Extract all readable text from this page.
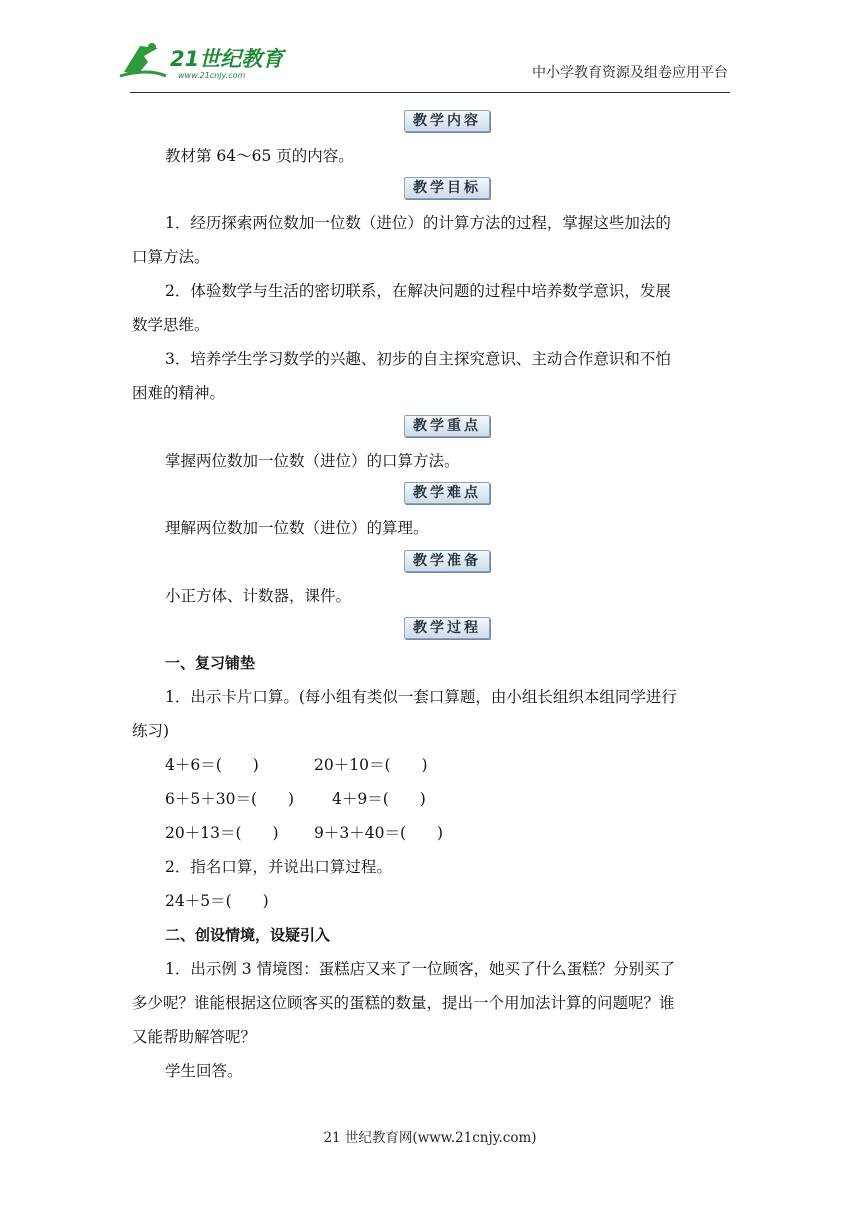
21世纪教育
www.21cnjy.com	中小学教育资源及组卷应用平台
教学内容
教材第 64～65 页的内容。
教学目标
1．经历探索两位数加一位数（进位）的计算方法的过程，掌握这些加法的
口算方法。
2．体验数学与生活的密切联系，在解决问题的过程中培养数学意识，发展
数学思维。
3．培养学生学习数学的兴趣、初步的自主探究意识、主动合作意识和不怕
困难的精神。
教学重点
掌握两位数加一位数（进位）的口算方法。
教学难点
理解两位数加一位数（进位）的算理。
教学准备
小正方体、计数器，课件。
教学过程
一、复习铺垫
1．出示卡片口算。(每小组有类似一套口算题，由小组长组织本组同学进行
练习)
4＋6＝(　　)	20＋10＝(　　)
6＋5＋30＝(　　) 4＋9＝(　　)
20＋13＝(　　) 9＋3＋40＝(　　)
2．指名口算，并说出口算过程。
24＋5＝(　　)
二、创设情境，设疑引入
1．出示例 3 情境图：蛋糕店又来了一位顾客，她买了什么蛋糕？分别买了
多少呢？谁能根据这位顾客买的蛋糕的数量，提出一个用加法计算的问题呢？谁
又能帮助解答呢？
学生回答。
21 世纪教育网(www.21cnjy.com)
